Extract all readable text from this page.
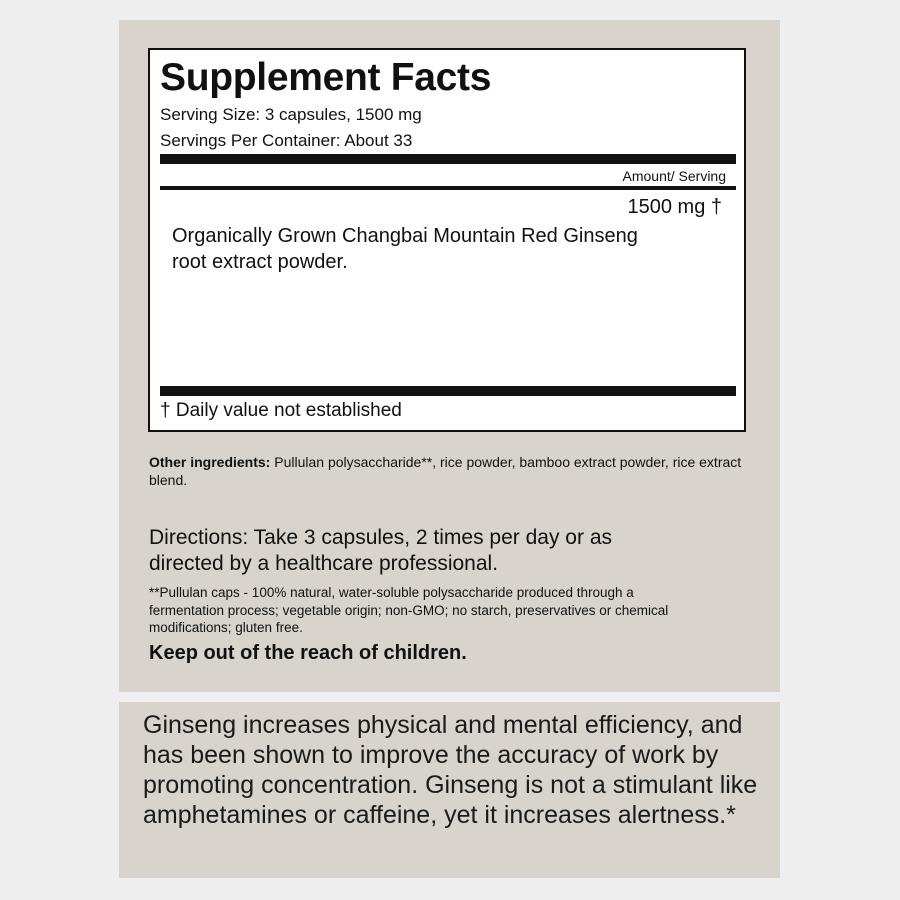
Supplement Facts
Serving Size: 3 capsules, 1500 mg
Servings Per Container: About 33
Amount/ Serving
1500 mg †
Organically Grown Changbai Mountain Red Ginseng root extract powder.
† Daily value not established
Other ingredients: Pullulan polysaccharide**, rice powder, bamboo extract powder, rice extract blend.
Directions: Take 3 capsules, 2 times per day or as directed by a healthcare professional.
**Pullulan caps - 100% natural, water-soluble polysaccharide produced through a fermentation process; vegetable origin; non-GMO; no starch, preservatives or chemical modifications; gluten free.
Keep out of the reach of children.
Ginseng increases physical and mental efficiency, and has been shown to improve the accuracy of work by promoting concentration. Ginseng is not a stimulant like amphetamines or caffeine, yet it increases alertness.*
